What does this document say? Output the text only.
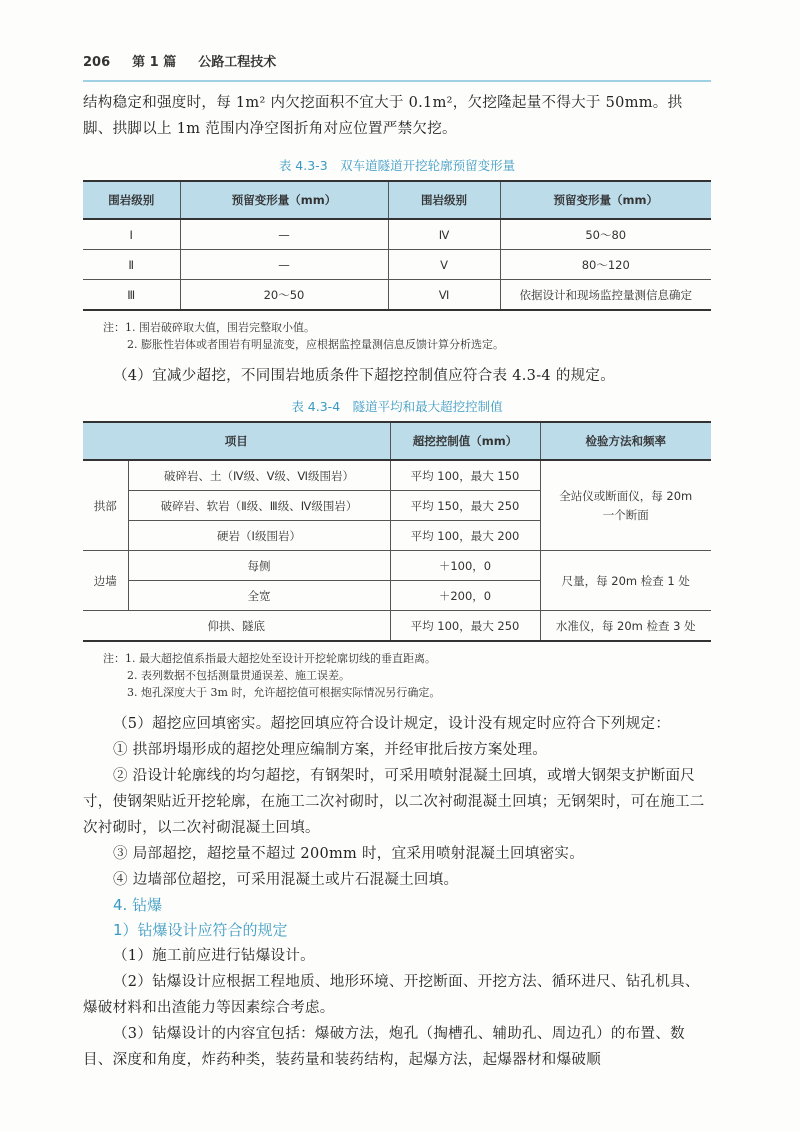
206 第 1 篇 公路工程技术

结构稳定和强度时，每 1m² 内欠挖面积不宜大于 0.1m²，欠挖隆起量不得大于 50mm。拱脚、拱脚以上 1m 范围内净空图折角对应位置严禁欠挖。

表 4.3-3　双车道隧道开挖轮廓预留变形量
围岩级别	预留变形量（mm）	围岩级别	预留变形量（mm）
Ⅰ	—	Ⅳ	50～80
Ⅱ	—	Ⅴ	80～120
Ⅲ	20～50	Ⅵ	依据设计和现场监控量测信息确定
注：1. 围岩破碎取大值，围岩完整取小值。
2. 膨胀性岩体或者围岩有明显流变，应根据监控量测信息反馈计算分析选定。

（4）宜减少超挖，不同围岩地质条件下超挖控制值应符合表 4.3-4 的规定。

表 4.3-4　隧道平均和最大超挖控制值
项目		超挖控制值（mm）	检验方法和频率
拱部	破碎岩、土（Ⅳ级、Ⅴ级、Ⅵ级围岩）	平均 100，最大 150	全站仪或断面仪，每 20m 一个断面
	破碎岩、软岩（Ⅱ级、Ⅲ级、Ⅳ级围岩）	平均 150，最大 250	
	硬岩（Ⅰ级围岩）	平均 100，最大 200	
边墙	每侧	＋100，0	尺量，每 20m 检查 1 处
	全宽	＋200，0	
仰拱、隧底		平均 100，最大 250	水准仪，每 20m 检查 3 处
注：1. 最大超挖值系指最大超挖处至设计开挖轮廓切线的垂直距离。
2. 表列数据不包括测量贯通误差、施工误差。
3. 炮孔深度大于 3m 时，允许超挖值可根据实际情况另行确定。

（5）超挖应回填密实。超挖回填应符合设计规定，设计没有规定时应符合下列规定：

① 拱部坍塌形成的超挖处理应编制方案，并经审批后按方案处理。

② 沿设计轮廓线的均匀超挖，有钢架时，可采用喷射混凝土回填，或增大钢架支护断面尺寸，使钢架贴近开挖轮廓，在施工二次衬砌时，以二次衬砌混凝土回填；无钢架时，可在施工二次衬砌时，以二次衬砌混凝土回填。

③ 局部超挖，超挖量不超过 200mm 时，宜采用喷射混凝土回填密实。

④ 边墙部位超挖，可采用混凝土或片石混凝土回填。

4. 钻爆
1）钻爆设计应符合的规定

（1）施工前应进行钻爆设计。

（2）钻爆设计应根据工程地质、地形环境、开挖断面、开挖方法、循环进尺、钻孔机具、爆破材料和出渣能力等因素综合考虑。

（3）钻爆设计的内容宜包括：爆破方法，炮孔（掏槽孔、辅助孔、周边孔）的布置、数目、深度和角度，炸药种类，装药量和装药结构，起爆方法，起爆器材和爆破顺
